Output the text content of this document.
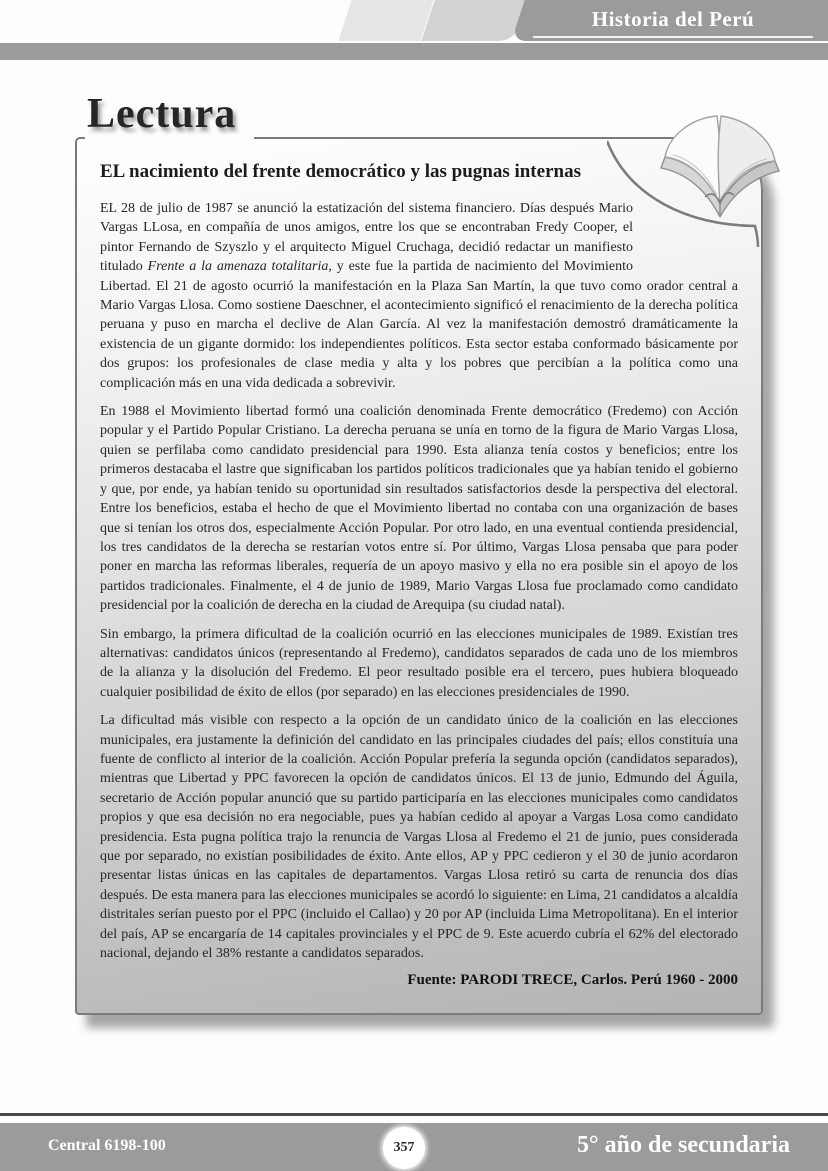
Historia del Perú
Lectura
EL nacimiento del frente democrático y las pugnas internas

EL 28 de julio de 1987 se anunció la estatización del sistema financiero. Días después Mario Vargas LLosa, en compañía de unos amigos, entre los que se encontraban Fredy Cooper, el pintor Fernando de Szyszlo y el arquitecto Miguel Cruchaga, decidió redactar un manifiesto titulado Frente a la amenaza totalitaria, y este fue la partida de nacimiento del Movimiento Libertad. El 21 de agosto ocurrió la manifestación en la Plaza San Martín, la que tuvo como orador central a Mario Vargas Llosa. Como sostiene Daeschner, el acontecimiento significó el renacimiento de la derecha política peruana y puso en marcha el declive de Alan García. Al vez la manifestación demostró dramáticamente la existencia de un gigante dormido: los independientes políticos. Esta sector estaba conformado básicamente por dos grupos: los profesionales de clase media y alta y los pobres que percibían a la política como una complicación más en una vida dedicada a sobrevivir.

En 1988 el Movimiento libertad formó una coalición denominada Frente democrático (Fredemo) con Acción popular y el Partido Popular Cristiano. La derecha peruana se unía en torno de la figura de Mario Vargas Llosa, quien se perfilaba como candidato presidencial para 1990. Esta alianza tenía costos y beneficios; entre los primeros destacaba el lastre que significaban los partidos políticos tradicionales que ya habían tenido el gobierno y que, por ende, ya habían tenido su oportunidad sin resultados satisfactorios desde la perspectiva del electoral. Entre los beneficios, estaba el hecho de que el Movimiento libertad no contaba con una organización de bases que si tenían los otros dos, especialmente Acción Popular. Por otro lado, en una eventual contienda presidencial, los tres candidatos de la derecha se restarían votos entre sí. Por último, Vargas Llosa pensaba que para poder poner en marcha las reformas liberales, requería de un apoyo masivo y ella no era posible sin el apoyo de los partidos tradicionales. Finalmente, el 4 de junio de 1989, Mario Vargas Llosa fue proclamado como candidato presidencial por la coalición de derecha en la ciudad de Arequipa (su ciudad natal).

Sin embargo, la primera dificultad de la coalición ocurrió en las elecciones municipales de 1989. Existían tres alternativas: candidatos únicos (representando al Fredemo), candidatos separados de cada uno de los miembros de la alianza y la disolución del Fredemo. El peor resultado posible era el tercero, pues hubiera bloqueado cualquier posibilidad de éxito de ellos (por separado) en las elecciones presidenciales de 1990.

La dificultad más visible con respecto a la opción de un candidato único de la coalición en las elecciones municipales, era justamente la definición del candidato en las principales ciudades del país; ellos constituía una fuente de conflicto al interior de la coalición. Acción Popular prefería la segunda opción (candidatos separados), mientras que Libertad y PPC favorecen la opción de candidatos únicos. El 13 de junio, Edmundo del Águila, secretario de Acción popular anunció que su partido participaría en las elecciones municipales como candidatos propios y que esa decisión no era negociable, pues ya habían cedido al apoyar a Vargas Losa como candidato presidencia. Esta pugna política trajo la renuncia de Vargas Llosa al Fredemo el 21 de junio, pues considerada que por separado, no existían posibilidades de éxito. Ante ellos, AP y PPC cedieron y el 30 de junio acordaron presentar listas únicas en las capitales de departamentos. Vargas Llosa retiró su carta de renuncia dos días después. De esta manera para las elecciones municipales se acordó lo siguiente: en Lima, 21 candidatos a alcaldía distritales serían puesto por el PPC (incluido el Callao) y 20 por AP (incluida Lima Metropolitana). En el interior del país, AP se encargaría de 14 capitales provinciales y el PPC de 9. Este acuerdo cubría el 62% del electorado nacional, dejando el 38% restante a candidatos separados.

Fuente: PARODI TRECE, Carlos. Perú 1960 - 2000
Central 6198-100	357	5° año de secundaria
